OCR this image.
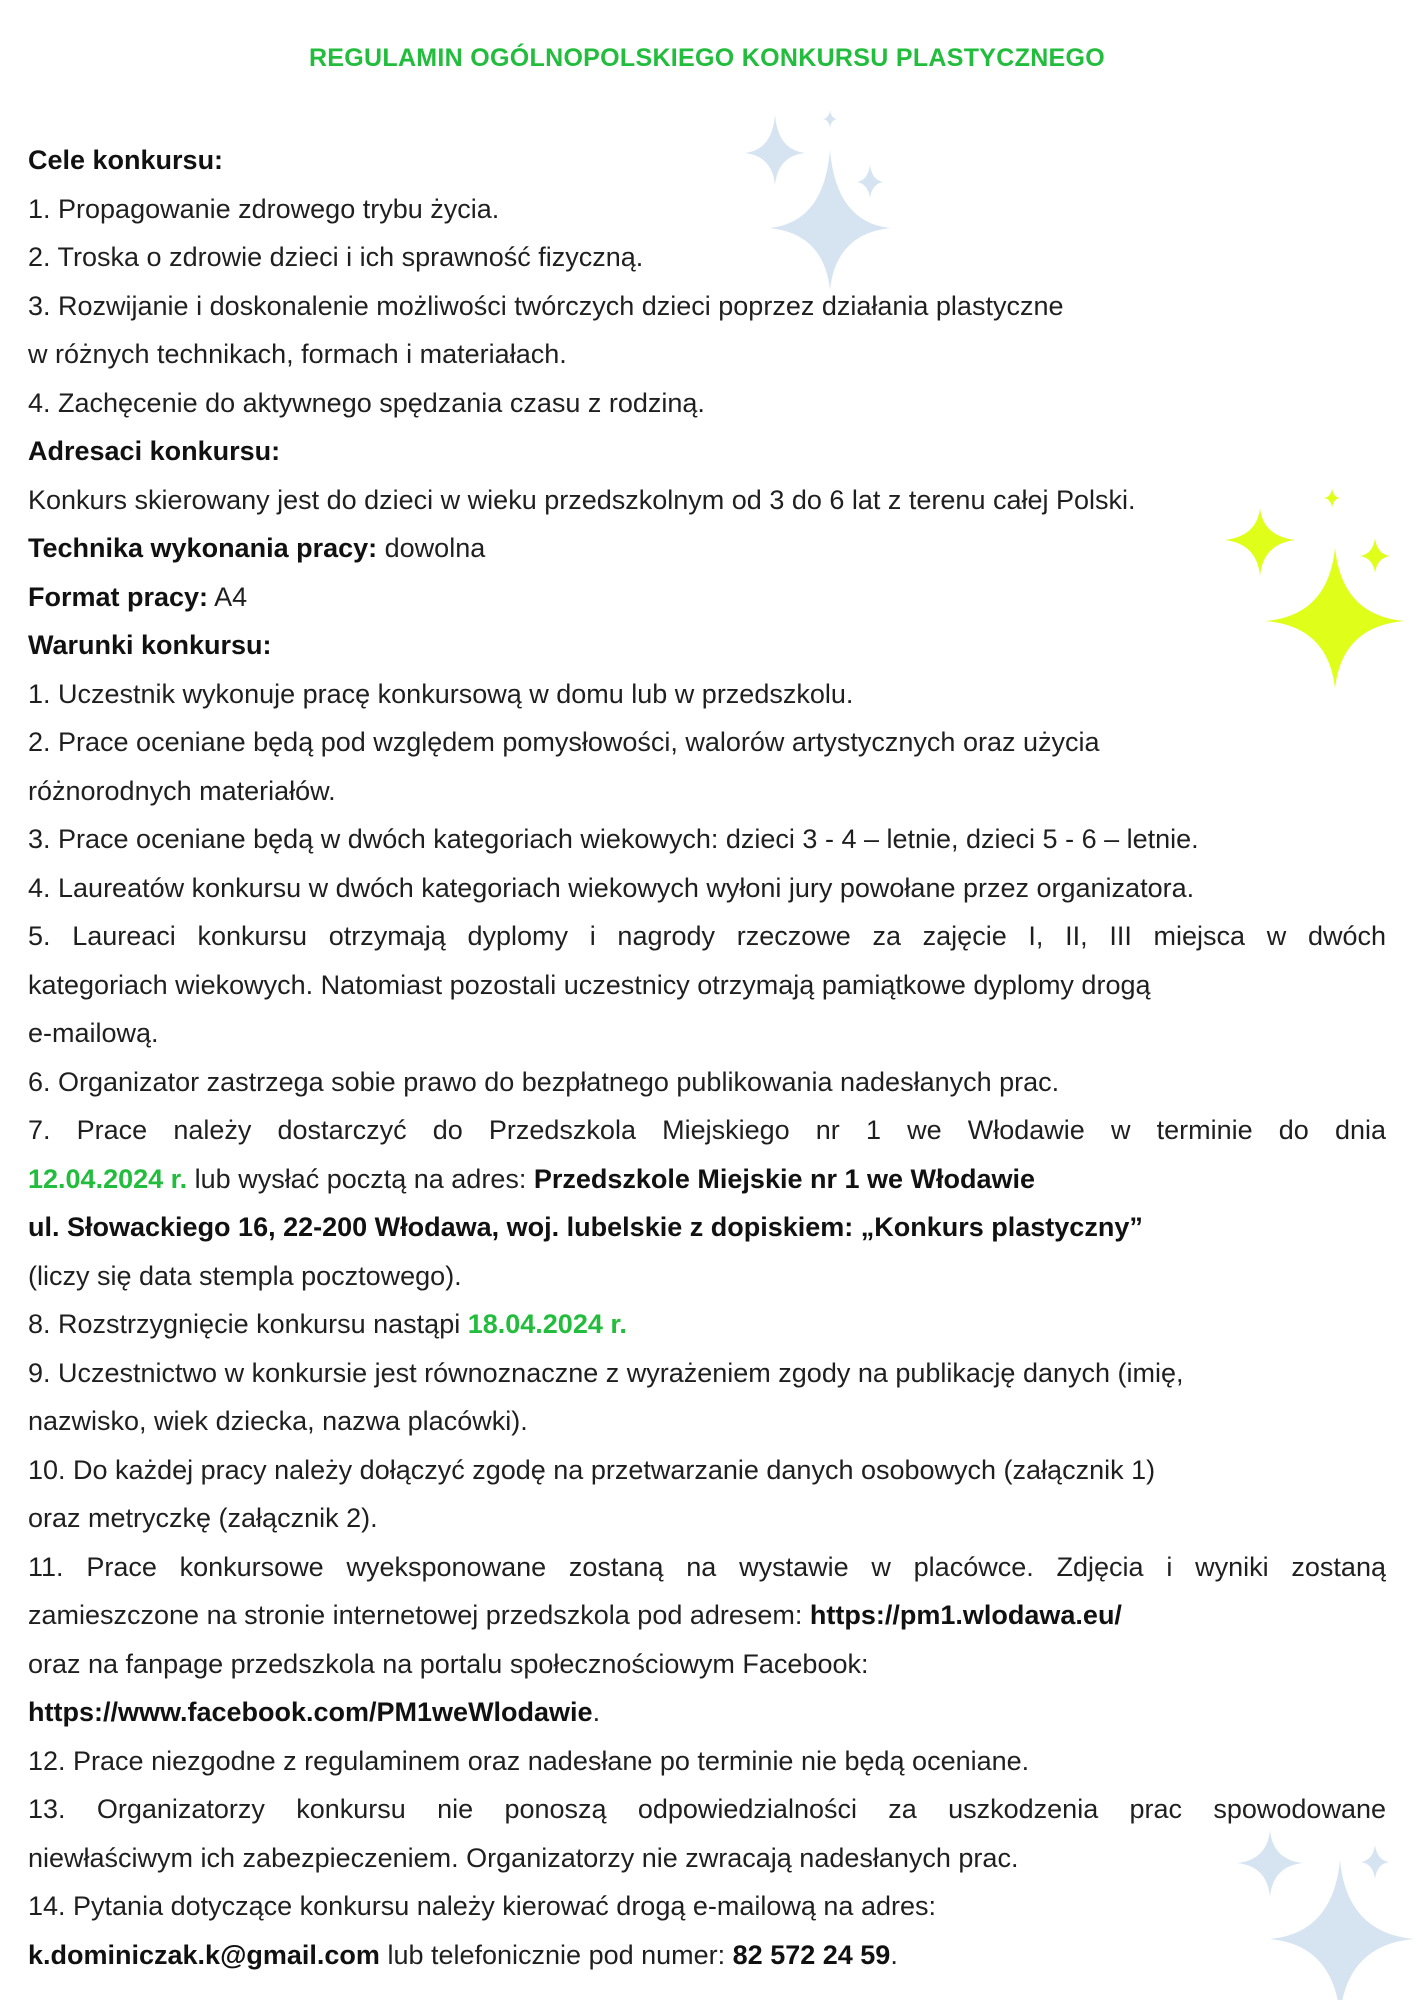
REGULAMIN OGÓLNOPOLSKIEGO KONKURSU PLASTYCZNEGO
Cele konkursu:
1. Propagowanie zdrowego trybu życia.
2. Troska o zdrowie dzieci i ich sprawność fizyczną.
3. Rozwijanie i doskonalenie możliwości twórczych dzieci poprzez działania plastyczne
w różnych technikach, formach i materiałach.
4. Zachęcenie do aktywnego spędzania czasu z rodziną.
Adresaci konkursu:
Konkurs skierowany jest do dzieci w wieku przedszkolnym od 3 do 6 lat z terenu całej Polski.
Technika wykonania pracy: dowolna
Format pracy: A4
Warunki konkursu:
1. Uczestnik wykonuje pracę konkursową w domu lub w przedszkolu.
2. Prace oceniane będą pod względem pomysłowości, walorów artystycznych oraz użycia
różnorodnych materiałów.
3. Prace oceniane będą w dwóch kategoriach wiekowych: dzieci 3 - 4 – letnie, dzieci 5 - 6 – letnie.
4. Laureatów konkursu w dwóch kategoriach wiekowych wyłoni jury powołane przez organizatora.
5. Laureaci konkursu otrzymają dyplomy i nagrody rzeczowe za zajęcie I, II, III miejsca w dwóch
kategoriach wiekowych. Natomiast pozostali uczestnicy otrzymają pamiątkowe dyplomy drogą
e-mailową.
6. Organizator zastrzega sobie prawo do bezpłatnego publikowania nadesłanych prac.
7. Prace należy dostarczyć do Przedszkola Miejskiego nr 1 we Włodawie w terminie do dnia
12.04.2024 r. lub wysłać pocztą na adres: Przedszkole Miejskie nr 1 we Włodawie
ul. Słowackiego 16, 22-200 Włodawa, woj. lubelskie z dopiskiem: „Konkurs plastyczny”
(liczy się data stempla pocztowego).
8. Rozstrzygnięcie konkursu nastąpi 18.04.2024 r.
9. Uczestnictwo w konkursie jest równoznaczne z wyrażeniem zgody na publikację danych (imię,
nazwisko, wiek dziecka, nazwa placówki).
10. Do każdej pracy należy dołączyć zgodę na przetwarzanie danych osobowych (załącznik 1)
oraz metryczkę (załącznik 2).
11. Prace konkursowe wyeksponowane zostaną na wystawie w placówce. Zdjęcia i wyniki zostaną
zamieszczone na stronie internetowej przedszkola pod adresem: https://pm1.wlodawa.eu/
oraz na fanpage przedszkola na portalu społecznościowym Facebook:
https://www.facebook.com/PM1weWlodawie.
12. Prace niezgodne z regulaminem oraz nadesłane po terminie nie będą oceniane.
13. Organizatorzy konkursu nie ponoszą odpowiedzialności za uszkodzenia prac spowodowane
niewłaściwym ich zabezpieczeniem. Organizatorzy nie zwracają nadesłanych prac.
14. Pytania dotyczące konkursu należy kierować drogą e-mailową na adres:
k.dominiczak.k@gmail.com lub telefonicznie pod numer: 82 572 24 59.
